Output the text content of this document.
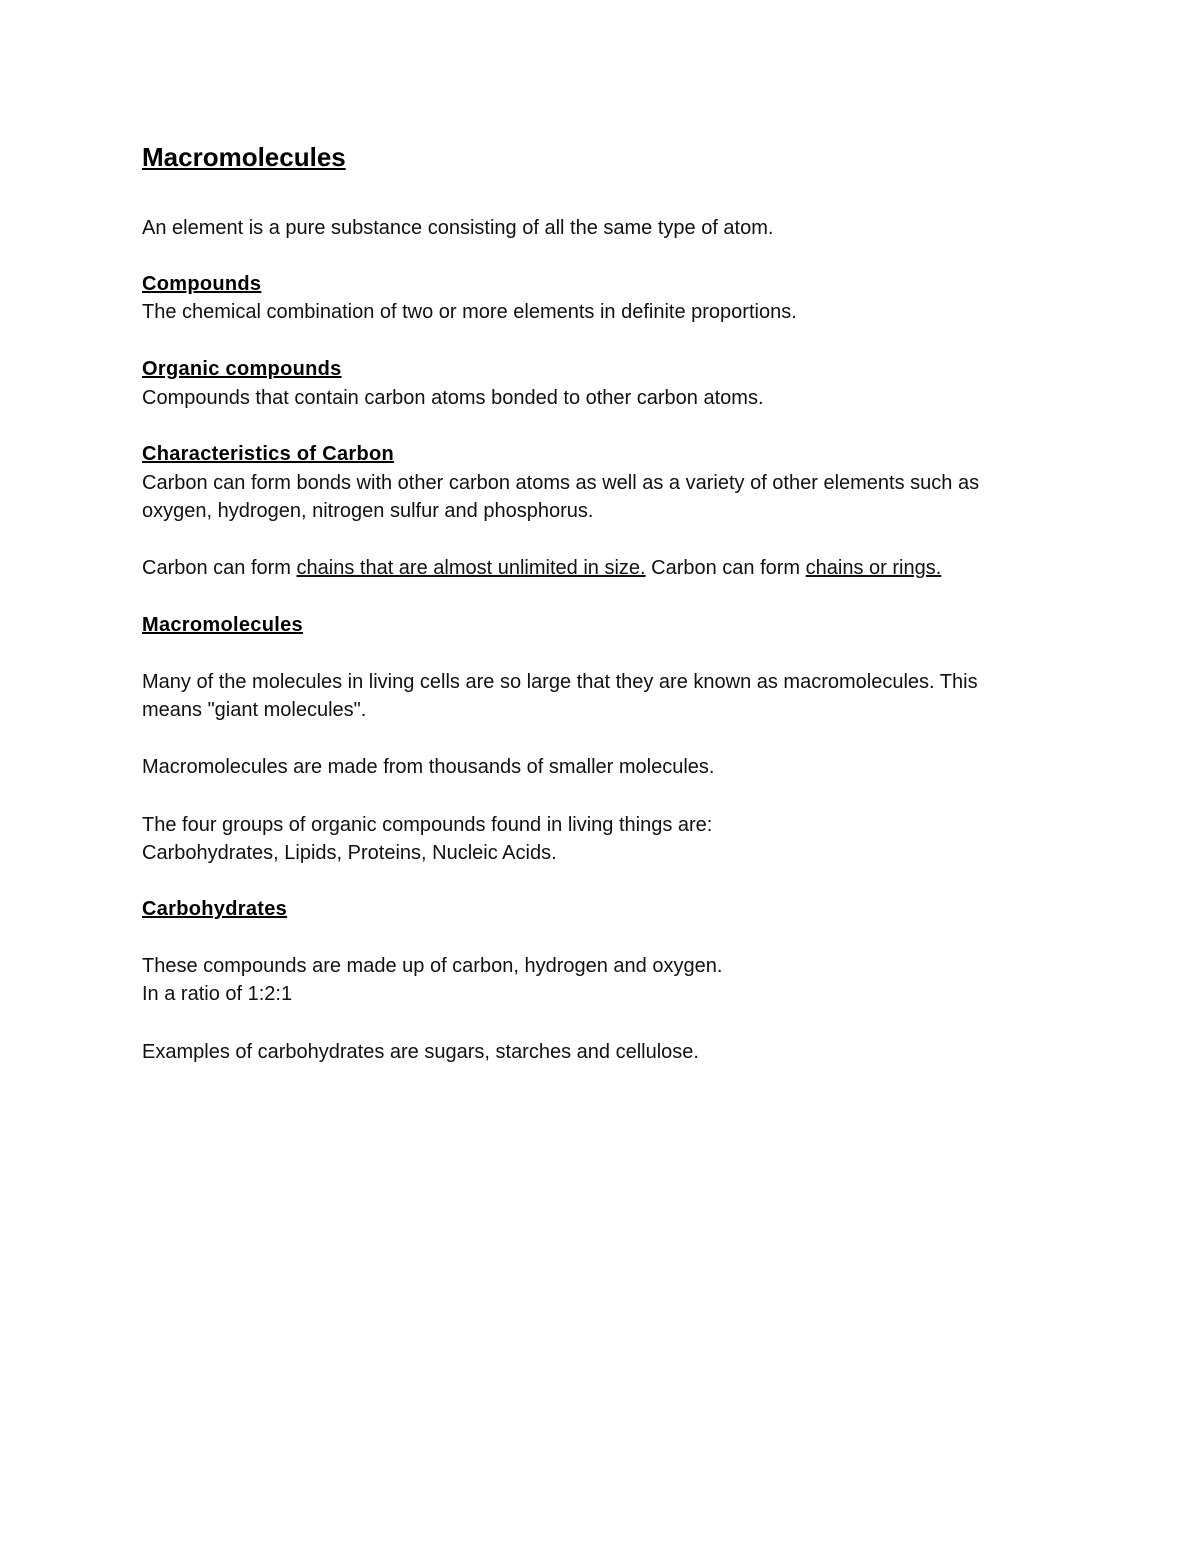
Macromolecules
An element is a pure substance consisting of all the same type of atom.
Compounds
The chemical combination of two or more elements in definite proportions.
Organic compounds
Compounds that contain carbon atoms bonded to other carbon atoms.
Characteristics of Carbon
Carbon can form bonds with other carbon atoms as well as a variety of other elements such as
oxygen, hydrogen, nitrogen sulfur and phosphorus.
Carbon can form chains that are almost unlimited in size. Carbon can form chains or rings.
Macromolecules
Many of the molecules in living cells are so large that they are known as macromolecules. This
means "giant molecules".
Macromolecules are made from thousands of smaller molecules.
The four groups of organic compounds found in living things are:
Carbohydrates, Lipids, Proteins, Nucleic Acids.
Carbohydrates
These compounds are made up of carbon, hydrogen and oxygen.
In a ratio of 1:2:1
Examples of carbohydrates are sugars, starches and cellulose.
